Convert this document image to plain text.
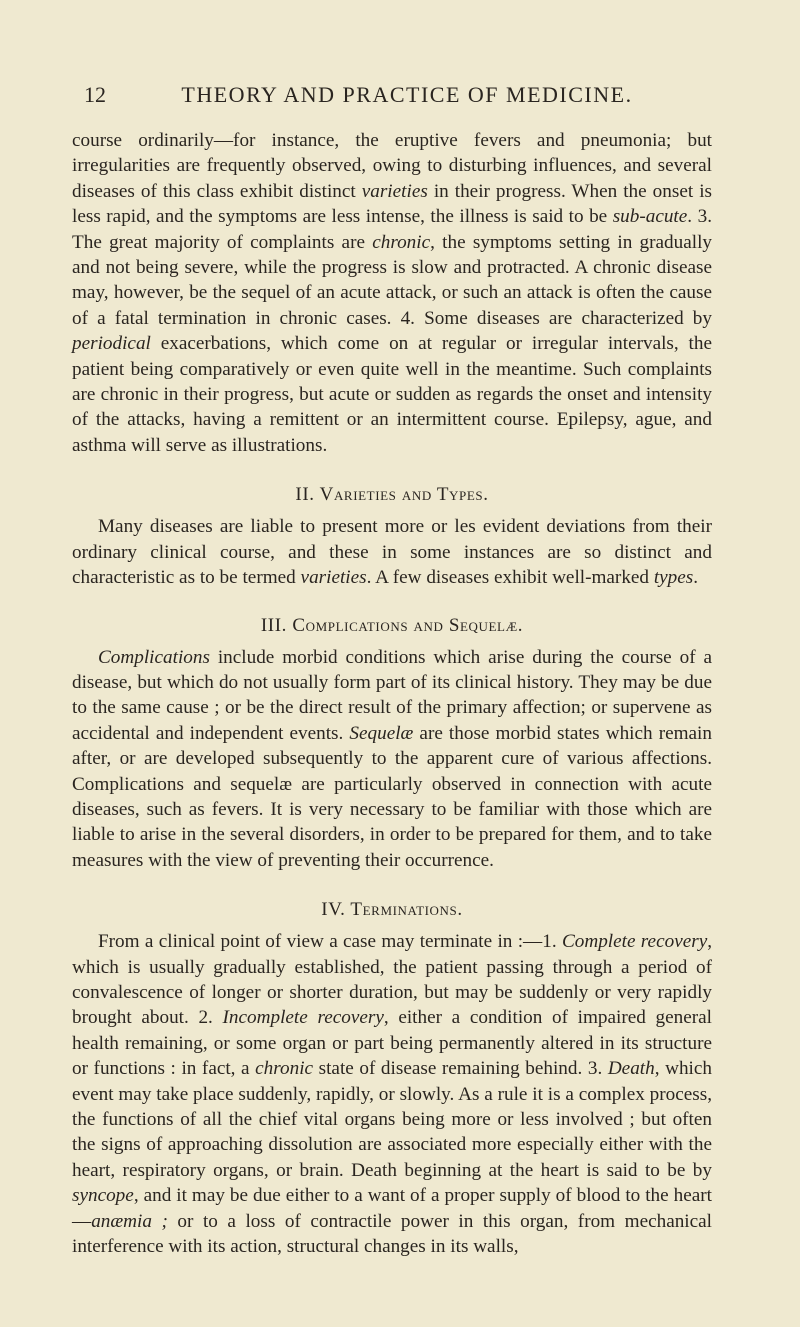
12	THEORY AND PRACTICE OF MEDICINE.

course ordinarily—for instance, the eruptive fevers and pneumonia; but irregularities are frequently observed, owing to disturbing influences, and several diseases of this class exhibit distinct varieties in their progress. When the onset is less rapid, and the symptoms are less intense, the illness is said to be sub-acute. 3. The great majority of complaints are chronic, the symptoms setting in gradually and not being severe, while the progress is slow and protracted. A chronic disease may, however, be the sequel of an acute attack, or such an attack is often the cause of a fatal termination in chronic cases. 4. Some diseases are characterized by periodical exacerbations, which come on at regular or irregular intervals, the patient being comparatively or even quite well in the meantime. Such complaints are chronic in their progress, but acute or sudden as regards the onset and intensity of the attacks, having a remittent or an intermittent course. Epilepsy, ague, and asthma will serve as illustrations.

II. Varieties and Types.

Many diseases are liable to present more or les evident deviations from their ordinary clinical course, and these in some instances are so distinct and characteristic as to be termed varieties. A few diseases exhibit well-marked types.

III. Complications and Sequelæ.

Complications include morbid conditions which arise during the course of a disease, but which do not usually form part of its clinical history. They may be due to the same cause ; or be the direct result of the primary affection; or supervene as accidental and independent events. Sequelæ are those morbid states which remain after, or are developed subsequently to the apparent cure of various affections. Complications and sequelæ are particularly observed in connection with acute diseases, such as fevers. It is very necessary to be familiar with those which are liable to arise in the several disorders, in order to be prepared for them, and to take measures with the view of preventing their occurrence.

IV. Terminations.

From a clinical point of view a case may terminate in :—1. Complete recovery, which is usually gradually established, the patient passing through a period of convalescence of longer or shorter duration, but may be suddenly or very rapidly brought about. 2. Incomplete recovery, either a condition of impaired general health remaining, or some organ or part being permanently altered in its structure or functions : in fact, a chronic state of disease remaining behind. 3. Death, which event may take place suddenly, rapidly, or slowly. As a rule it is a complex process, the functions of all the chief vital organs being more or less involved ; but often the signs of approaching dissolution are associated more especially either with the heart, respiratory organs, or brain. Death beginning at the heart is said to be by syncope, and it may be due either to a want of a proper supply of blood to the heart—anæmia ; or to a loss of contractile power in this organ, from mechanical interference with its action, structural changes in its walls,
